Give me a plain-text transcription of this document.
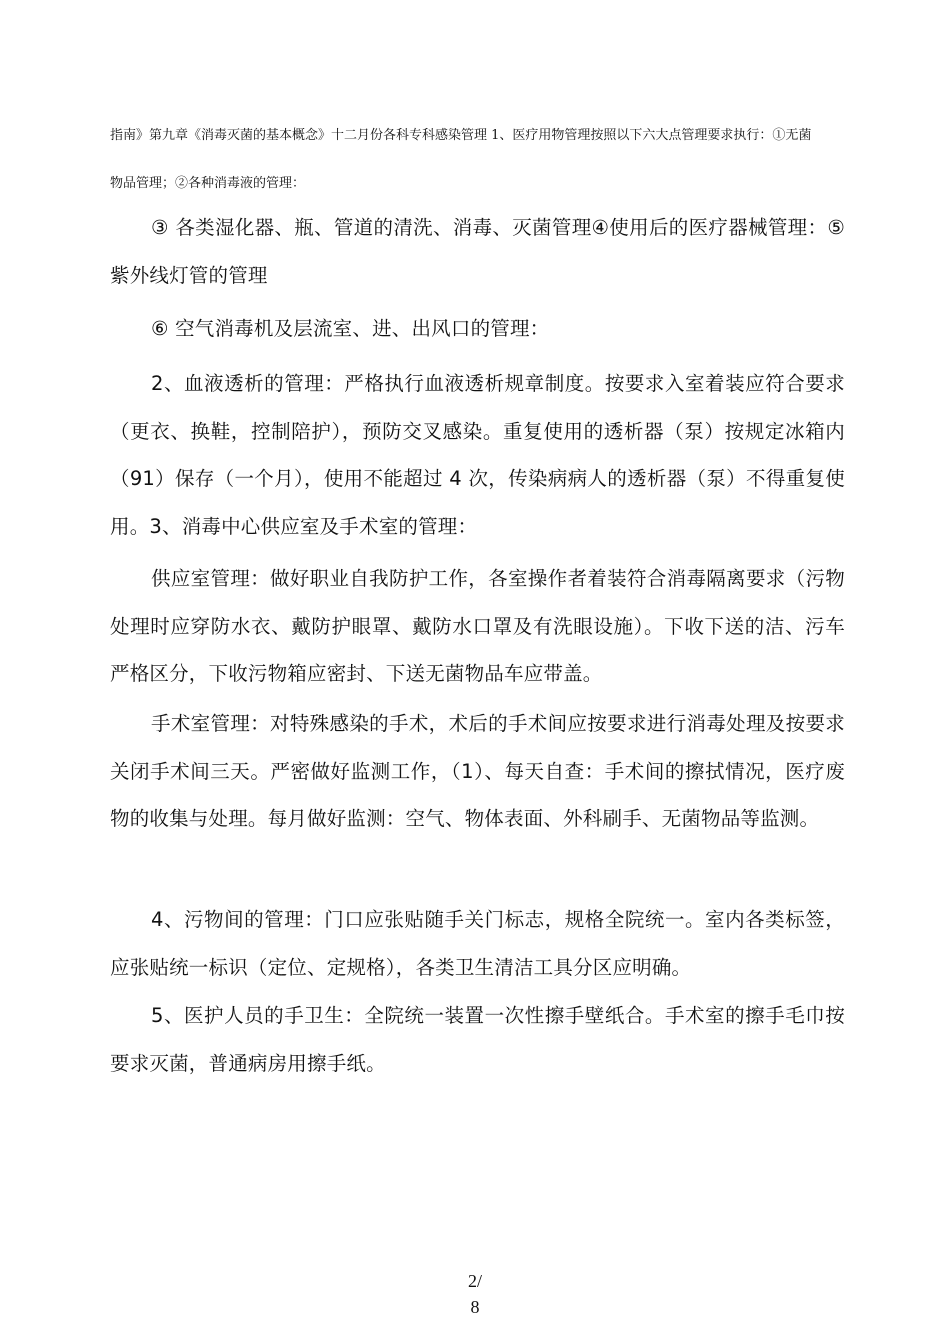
指南》第九章《消毒灭菌的基本概念》十二月份各科专科感染管理 1、医疗用物管理按照以下六大点管理要求执行：①无菌
物品管理；②各种消毒液的管理：
③ 各类湿化器、瓶、管道的清洗、消毒、灭菌管理④使用后的医疗器械管理：⑤紫外线灯管的管理
⑥ 空气消毒机及层流室、进、出风口的管理：
2、血液透析的管理：严格执行血液透析规章制度。按要求入室着装应符合要求（更衣、换鞋，控制陪护），预防交叉感染。重复使用的透析器（泵）按规定冰箱内（91）保存（一个月），使用不能超过 4 次，传染病病人的透析器（泵）不得重复使用。3、消毒中心供应室及手术室的管理：
供应室管理：做好职业自我防护工作，各室操作者着装符合消毒隔离要求（污物处理时应穿防水衣、戴防护眼罩、戴防水口罩及有洗眼设施）。下收下送的洁、污车严格区分，下收污物箱应密封、下送无菌物品车应带盖。
手术室管理：对特殊感染的手术，术后的手术间应按要求进行消毒处理及按要求关闭手术间三天。严密做好监测工作，（1）、每天自查：手术间的擦拭情况，医疗废物的收集与处理。每月做好监测：空气、物体表面、外科刷手、无菌物品等监测。
4、污物间的管理：门口应张贴随手关门标志，规格全院统一。室内各类标签，应张贴统一标识（定位、定规格），各类卫生清洁工具分区应明确。
5、医护人员的手卫生：全院统一装置一次性擦手壁纸合。手术室的擦手毛巾按要求灭菌，普通病房用擦手纸。
2/
8
